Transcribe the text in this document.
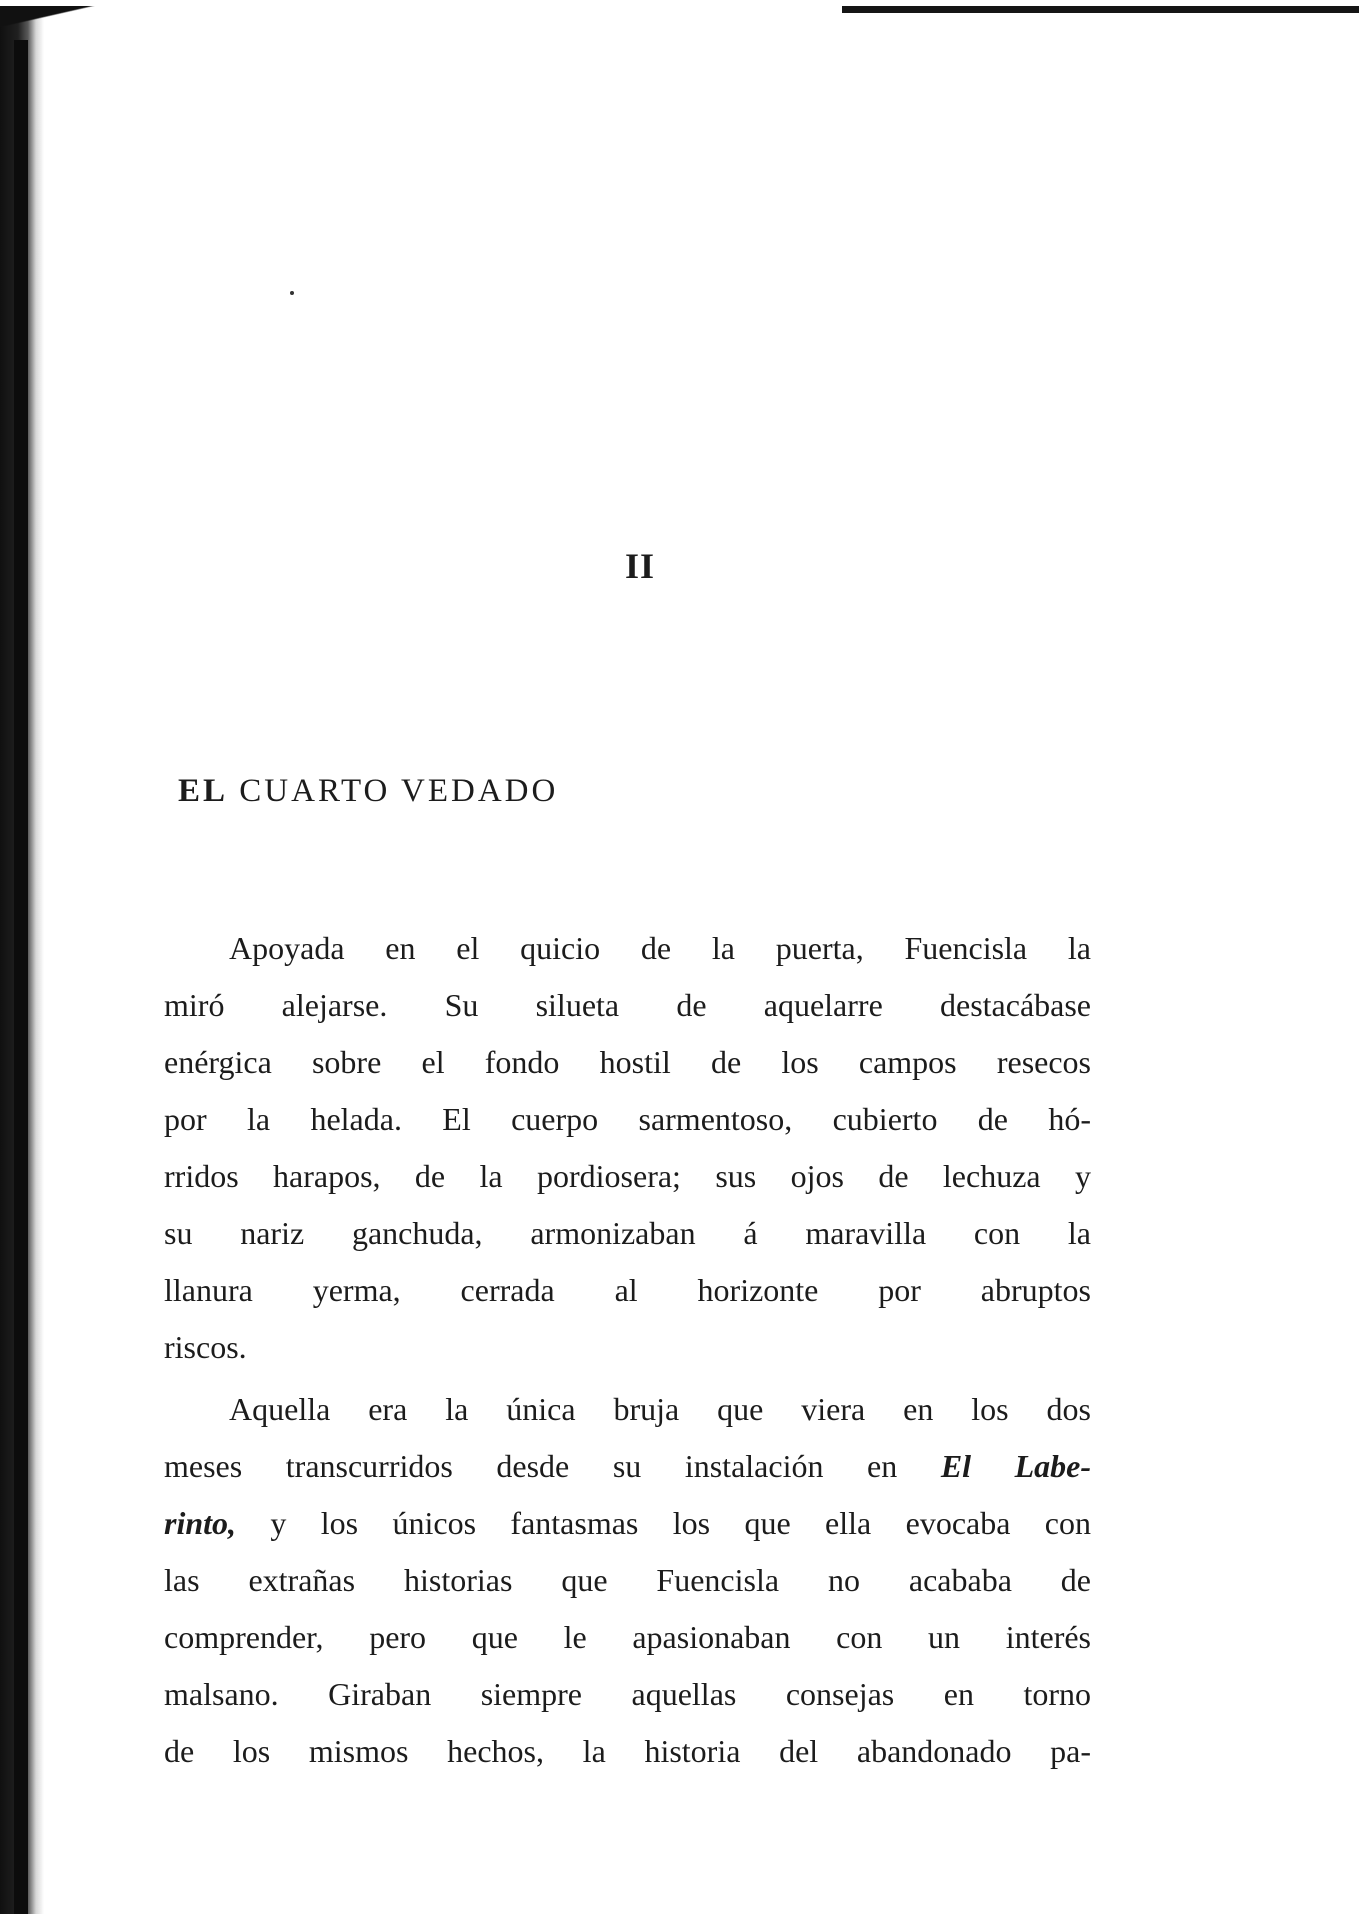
II
EL CUARTO VEDADO
Apoyada en el quicio de la puerta, Fuencisla la
miró alejarse. Su silueta de aquelarre destacábase
enérgica sobre el fondo hostil de los campos resecos
por la helada. El cuerpo sarmentoso, cubierto de hó-
rridos harapos, de la pordiosera; sus ojos de lechuza y
su nariz ganchuda, armonizaban á maravilla con la
llanura yerma, cerrada al horizonte por abruptos
riscos.
Aquella era la única bruja que viera en los dos
meses transcurridos desde su instalación en El Labe-
rinto, y los únicos fantasmas los que ella evocaba con
las extrañas historias que Fuencisla no acababa de
comprender, pero que le apasionaban con un interés
malsano. Giraban siempre aquellas consejas en torno
de los mismos hechos, la historia del abandonado pa-
